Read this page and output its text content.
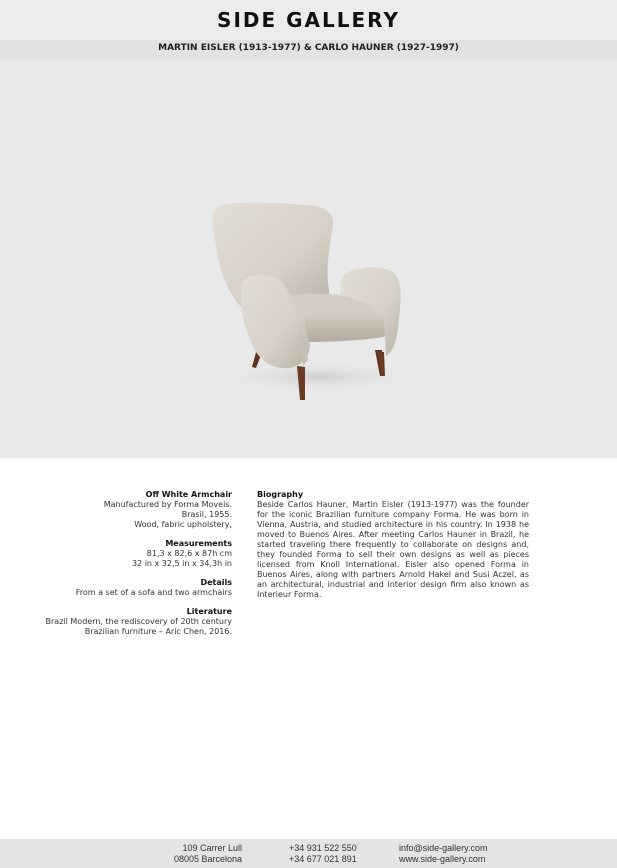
SIDE GALLERY
MARTIN EISLER (1913-1977) & CARLO HAUNER (1927-1997)
Off White Armchair
Manufactured by Forma Moveis.
Brasil, 1955.
Wood, fabric upholstery,
Measurements
81,3 x 82,6 x 87h cm
32 in x 32,5 in x 34,3h in
Details
From a set of a sofa and two armchairs
Literature
Brazil Modern, the rediscovery of 20th century
Brazilian furniture – Aric Chen, 2016.
Biography

Beside Carlos Hauner, Martin Eisler (1913-1977) was the founder for the iconic Brazilian furniture company Forma. He was born in Vienna, Austria, and studied architecture in his country. In 1938 he moved to Buenos Aires. After meeting Carlos Hauner in Brazil, he started traveling there frequently to collaborate on designs and, they founded Forma to sell their own designs as well as pieces licensed from Knoll International. Eisler also opened Forma in Buenos Aires, along with partners Arnold Hakel and Susi Aczel, as an architectural, industrial and interior design firm also known as Interieur Forma.

109 Carrer Lull
08005 Barcelona
+34 931 522 550
+34 677 021 891
info@side-gallery.com
www.side-gallery.com
